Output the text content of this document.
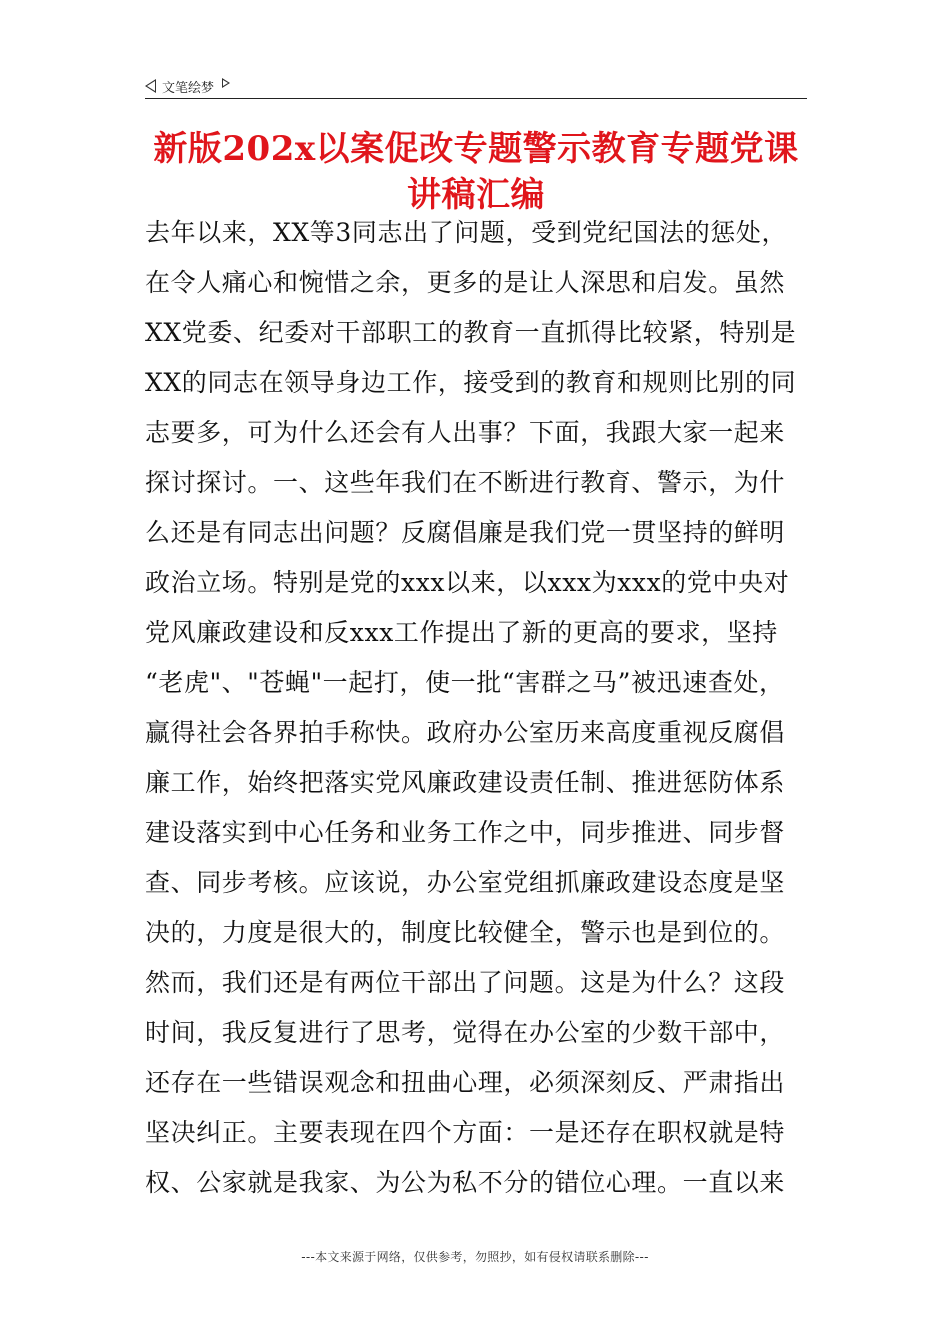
文笔绘梦
新版202x以案促改专题警示教育专题党课
讲稿汇编
去年以来，XX等3同志出了问题，受到党纪国法的惩处，
在令人痛心和惋惜之余，更多的是让人深思和启发。虽然
XX党委、纪委对干部职工的教育一直抓得比较紧，特别是
XX的同志在领导身边工作，接受到的教育和规则比别的同
志要多，可为什么还会有人出事？下面，我跟大家一起来
探讨探讨。一、这些年我们在不断进行教育、警示，为什
么还是有同志出问题？反腐倡廉是我们党一贯坚持的鲜明
政治立场。特别是党的xxx以来，以xxx为xxx的党中央对
党风廉政建设和反xxx工作提出了新的更高的要求，坚持
“老虎"、"苍蝇"一起打，使一批“害群之马”被迅速查处，
赢得社会各界拍手称快。政府办公室历来高度重视反腐倡
廉工作，始终把落实党风廉政建设责任制、推进惩防体系
建设落实到中心任务和业务工作之中，同步推进、同步督
查、同步考核。应该说，办公室党组抓廉政建设态度是坚
决的，力度是很大的，制度比较健全，警示也是到位的。
然而，我们还是有两位干部出了问题。这是为什么？这段
时间，我反复进行了思考，觉得在办公室的少数干部中，
还存在一些错误观念和扭曲心理，必须深刻反、严肃指出
坚决纠正。主要表现在四个方面：一是还存在职权就是特
权、公家就是我家、为公为私不分的错位心理。一直以来
---本文来源于网络，仅供参考，勿照抄，如有侵权请联系删除---
